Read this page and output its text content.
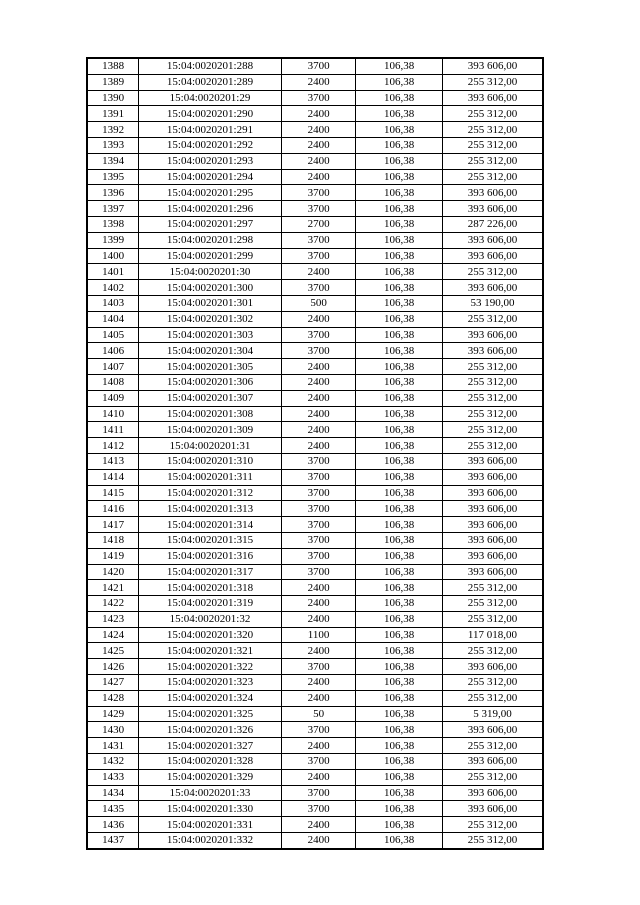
1388	15:04:0020201:288	3700	106,38	393 606,00
1389	15:04:0020201:289	2400	106,38	255 312,00
1390	15:04:0020201:29	3700	106,38	393 606,00
1391	15:04:0020201:290	2400	106,38	255 312,00
1392	15:04:0020201:291	2400	106,38	255 312,00
1393	15:04:0020201:292	2400	106,38	255 312,00
1394	15:04:0020201:293	2400	106,38	255 312,00
1395	15:04:0020201:294	2400	106,38	255 312,00
1396	15:04:0020201:295	3700	106,38	393 606,00
1397	15:04:0020201:296	3700	106,38	393 606,00
1398	15:04:0020201:297	2700	106,38	287 226,00
1399	15:04:0020201:298	3700	106,38	393 606,00
1400	15:04:0020201:299	3700	106,38	393 606,00
1401	15:04:0020201:30	2400	106,38	255 312,00
1402	15:04:0020201:300	3700	106,38	393 606,00
1403	15:04:0020201:301	500	106,38	53 190,00
1404	15:04:0020201:302	2400	106,38	255 312,00
1405	15:04:0020201:303	3700	106,38	393 606,00
1406	15:04:0020201:304	3700	106,38	393 606,00
1407	15:04:0020201:305	2400	106,38	255 312,00
1408	15:04:0020201:306	2400	106,38	255 312,00
1409	15:04:0020201:307	2400	106,38	255 312,00
1410	15:04:0020201:308	2400	106,38	255 312,00
1411	15:04:0020201:309	2400	106,38	255 312,00
1412	15:04:0020201:31	2400	106,38	255 312,00
1413	15:04:0020201:310	3700	106,38	393 606,00
1414	15:04:0020201:311	3700	106,38	393 606,00
1415	15:04:0020201:312	3700	106,38	393 606,00
1416	15:04:0020201:313	3700	106,38	393 606,00
1417	15:04:0020201:314	3700	106,38	393 606,00
1418	15:04:0020201:315	3700	106,38	393 606,00
1419	15:04:0020201:316	3700	106,38	393 606,00
1420	15:04:0020201:317	3700	106,38	393 606,00
1421	15:04:0020201:318	2400	106,38	255 312,00
1422	15:04:0020201:319	2400	106,38	255 312,00
1423	15:04:0020201:32	2400	106,38	255 312,00
1424	15:04:0020201:320	1100	106,38	117 018,00
1425	15:04:0020201:321	2400	106,38	255 312,00
1426	15:04:0020201:322	3700	106,38	393 606,00
1427	15:04:0020201:323	2400	106,38	255 312,00
1428	15:04:0020201:324	2400	106,38	255 312,00
1429	15:04:0020201:325	50	106,38	5 319,00
1430	15:04:0020201:326	3700	106,38	393 606,00
1431	15:04:0020201:327	2400	106,38	255 312,00
1432	15:04:0020201:328	3700	106,38	393 606,00
1433	15:04:0020201:329	2400	106,38	255 312,00
1434	15:04:0020201:33	3700	106,38	393 606,00
1435	15:04:0020201:330	3700	106,38	393 606,00
1436	15:04:0020201:331	2400	106,38	255 312,00
1437	15:04:0020201:332	2400	106,38	255 312,00
